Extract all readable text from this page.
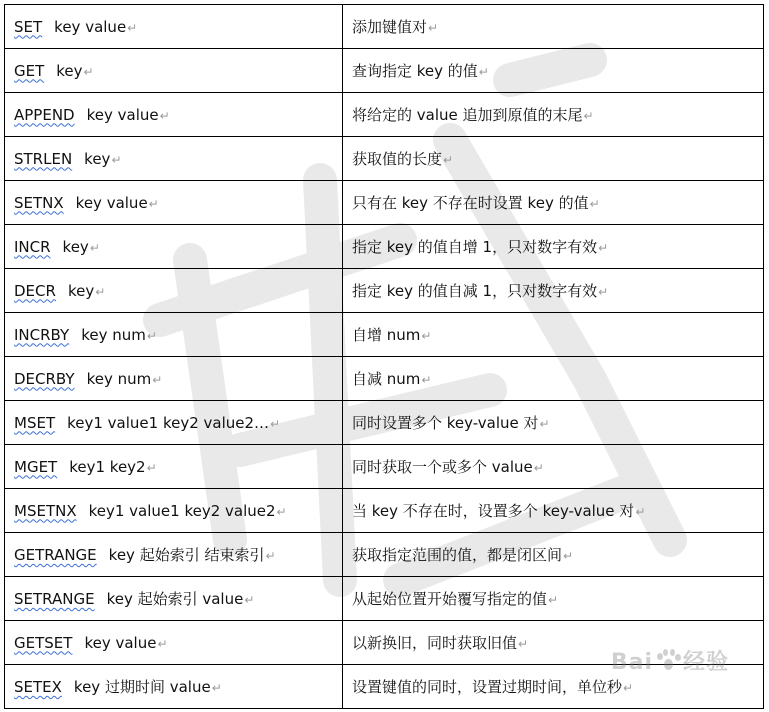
SET key value↵	添加键值对↵
GET key↵	查询指定 key 的值↵
APPEND key value↵	将给定的 value 追加到原值的末尾↵
STRLEN key↵	获取值的长度↵
SETNX key value↵	只有在 key 不存在时设置 key 的值↵
INCR key↵	指定 key 的值自增 1，只对数字有效↵
DECR key↵	指定 key 的值自减 1，只对数字有效↵
INCRBY key num↵	自增 num↵
DECRBY key num↵	自减 num↵
MSET key1 value1 key2 value2…↵	同时设置多个 key-value 对↵
MGET key1 key2↵	同时获取一个或多个 value↵
MSETNX key1 value1 key2 value2↵	当 key 不存在时，设置多个 key-value 对↵
GETRANGE key 起始索引 结束索引↵	获取指定范围的值，都是闭区间↵
SETRANGE key 起始索引 value↵	从起始位置开始覆写指定的值↵
GETSET key value↵	以新换旧，同时获取旧值↵
SETEX key 过期时间 value↵	设置键值的同时，设置过期时间，单位秒↵
Bai 经验
